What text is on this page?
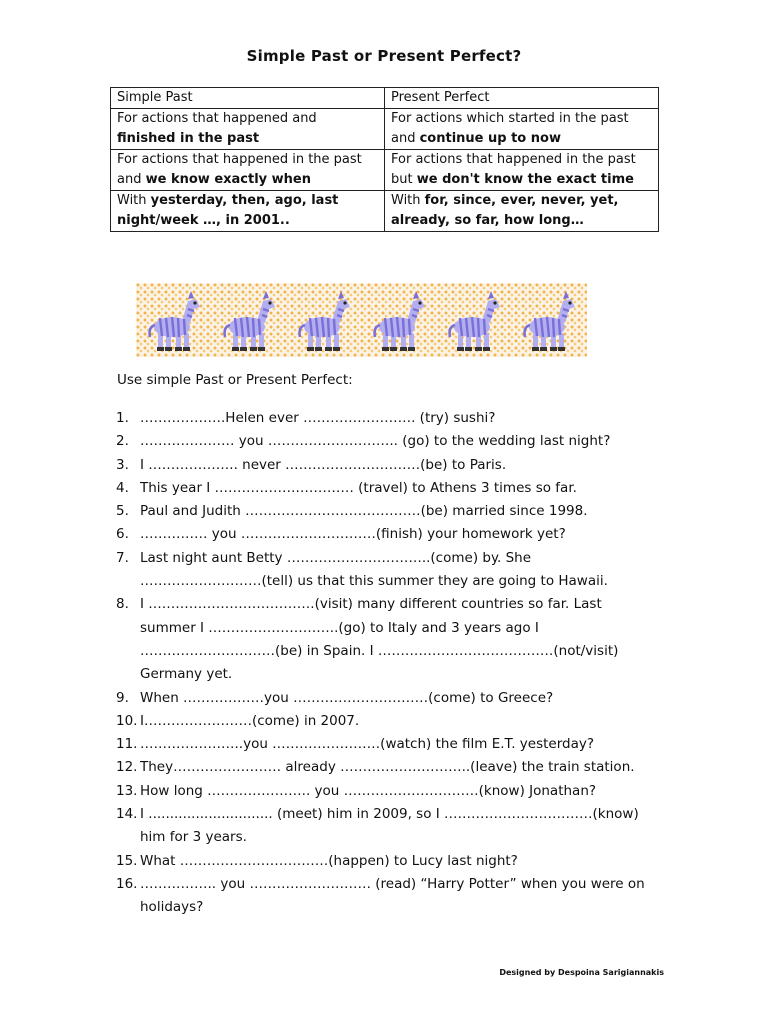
Simple Past or Present Perfect?
Simple Past	Present Perfect
For actions that happened and finished in the past	For actions which started in the past and continue up to now
For actions that happened in the past and we know exactly when	For actions that happened in the past but we don't know the exact time
With yesterday, then, ago, last night/week …, in 2001..	With for, since, ever, never, yet, already, so far, how long…
Use simple Past or Present Perfect:
1. ……………….Helen ever ……………………. (try) sushi?
2. ………………… you ……………………….. (go) to the wedding last night?
3. I ……………….. never …………………………(be) to Paris.
4. This year I ……………….………… (travel) to Athens 3 times so far.
5. Paul and Judith …………………………………(be) married since 1998.
6. …………… you …………………………(finish) your homework yet?
7. Last night aunt Betty …………………………..(come) by. She ………………………(tell) us that this summer they are going to Hawaii.
8. I ……………………………….(visit) many different countries so far. Last summer I ………………………..(go) to Italy and 3 years ago I …………………………(be) in Spain. I …………………………………(not/visit) Germany yet.
9. When ………………you …………………………(come) to Greece?
10. I……………………(come) in 2007.
11. …………………..you ……………………(watch) the film E.T. yesterday?
12. They…………………… already ………………………..(leave) the train station.
13. How long ………………….. you …………………………(know) Jonathan?
14. I ............................. (meet) him in 2009, so I ……………………………(know) him for 3 years.
15. What ……………………………(happen) to Lucy last night?
16. …………….. you ……………………… (read) “Harry Potter” when you were on holidays?
Designed by Despoina Sarigiannakis
